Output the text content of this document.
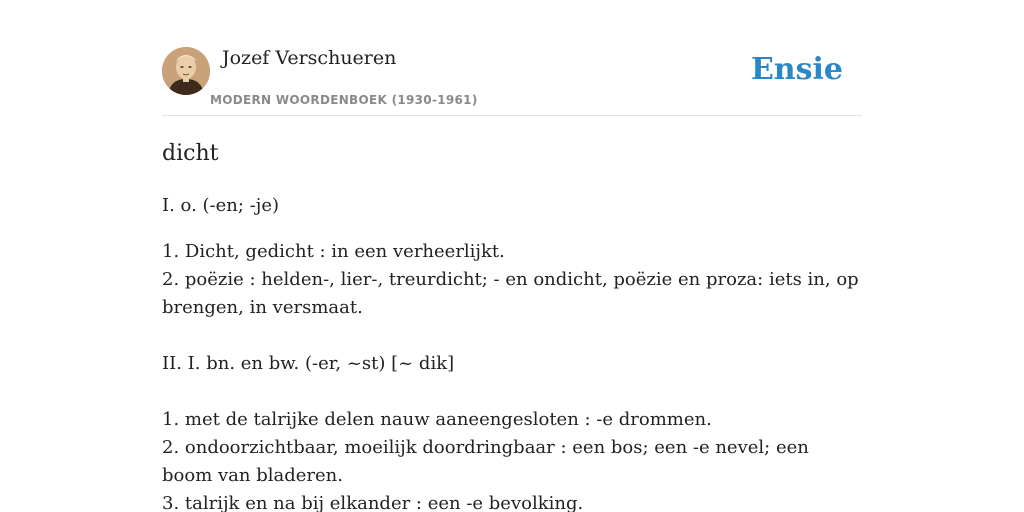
Jozef Verschueren
MODERN WOORDENBOEK (1930-1961)
Ensie
dicht

I. o. (-en; -je)

1. Dicht, gedicht : in een verheerlijkt.

2. poëzie : helden-, lier-, treurdicht; - en ondicht, poëzie en proza: iets in, op brengen, in versmaat.

II. I. bn. en bw. (-er, ~st) [~ dik]

1. met de talrijke delen nauw aaneengesloten : -e drommen.

2. ondoorzichtbaar, moeilijk doordringbaar : een bos; een -e nevel; een boom van bladeren.

3. talrijk en na bij elkander : een -e bevolking.
